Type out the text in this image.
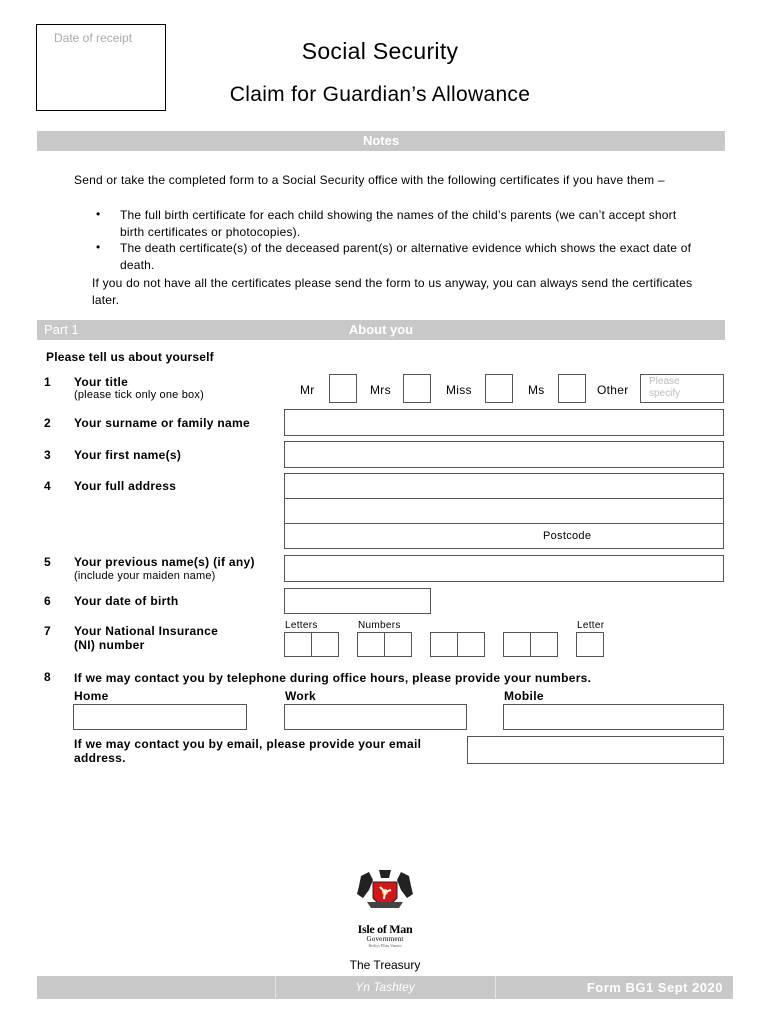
Date of receipt	Social Security
Claim for Guardian’s Allowance
Notes
Send or take the completed form to a Social Security office with the following certificates if you have them –
• The full birth certificate for each child showing the names of the child’s parents (we can’t accept short birth certificates or photocopies).
• The death certificate(s) of the deceased parent(s) or alternative evidence which shows the exact date of death.
If you do not have all the certificates please send the form to us anyway, you can always send the certificates later.
Part 1	About you
Please tell us about yourself
1 Your title
(please tick only one box)	Mr	Mrs	Miss	Ms	Other
Please specify
2 Your surname or family name
3 Your first name(s)
4 Your full address
Postcode
5 Your previous name(s) (if any)
(include your maiden name)
6 Your date of birth
7 Your National Insurance
(NI) number
Letters	Numbers	Letter
8 If we may contact you by telephone during office hours, please provide your numbers.
Home	Work	Mobile
If we may contact you by email, please provide your email
address.
Isle of Man
Government
Reiltys Ellan Vannin
The Treasury
Yn Tashtey	Form BG1 Sept 2020
